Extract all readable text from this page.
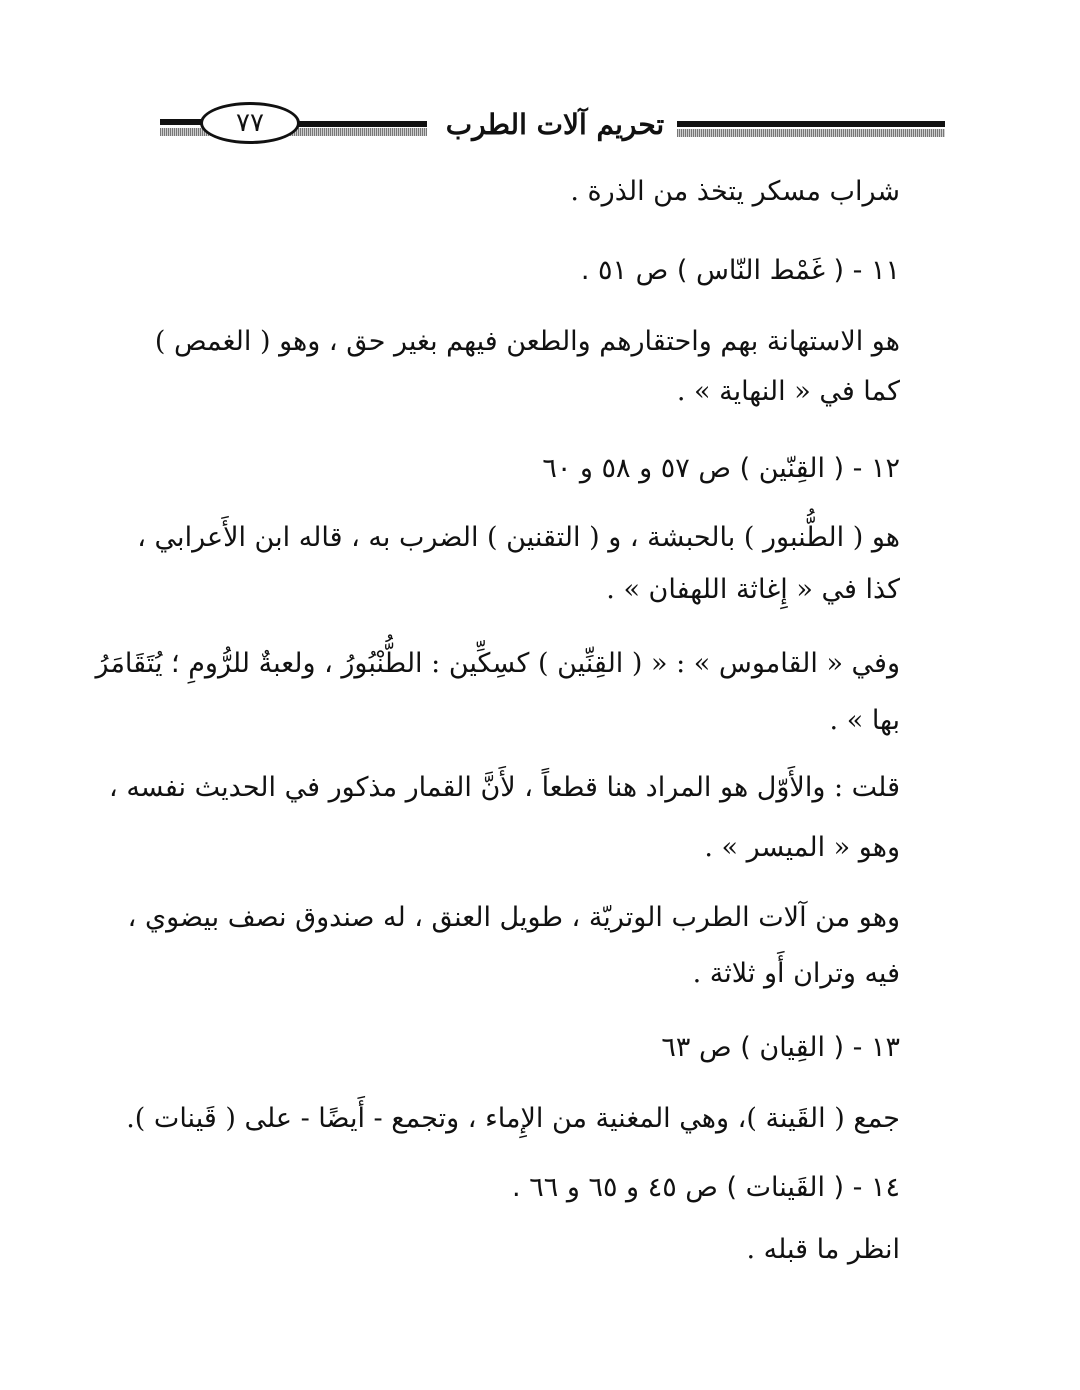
٧٧	تحريم آلات الطرب
شراب مسكر يتخذ من الذرة .
١١ - ( غَمْط النّاس ) ص ٥١ .
هو الاستهانة بهم واحتقارهم والطعن فيهم بغير حق ، وهو ( الغمص )
كما في « النهاية » .
١٢ - ( القِنّين ) ص ٥٧ و ٥٨ و ٦٠
هو ( الطُّنبور ) بالحبشة ، و ( التقنين ) الضرب به ، قاله ابن الأَعرابي ،
كذا في « إِغاثة اللهفان » .
وفي « القاموس » : « ( القِنِّين ) كسِكِّين : الطُّنْبُورُ ، ولعبةٌ للرُّومِ ؛ يُتَقَامَرُ
بها » .
قلت : والأَوّل هو المراد هنا قطعاً ، لأَنَّ القمار مذكور في الحديث نفسه ،
وهو « الميسر » .
وهو من آلات الطرب الوتريّة ، طويل العنق ، له صندوق نصف بيضوي ،
فيه وتران أَو ثلاثة .
١٣ - ( القِيان ) ص ٦٣
جمع ( القَينة )، وهي المغنية من الإِماء ، وتجمع - أَيضًا - على ( قَينات ).
١٤ - ( القَينات ) ص ٤٥ و ٦٥ و ٦٦ .
انظر ما قبله .
